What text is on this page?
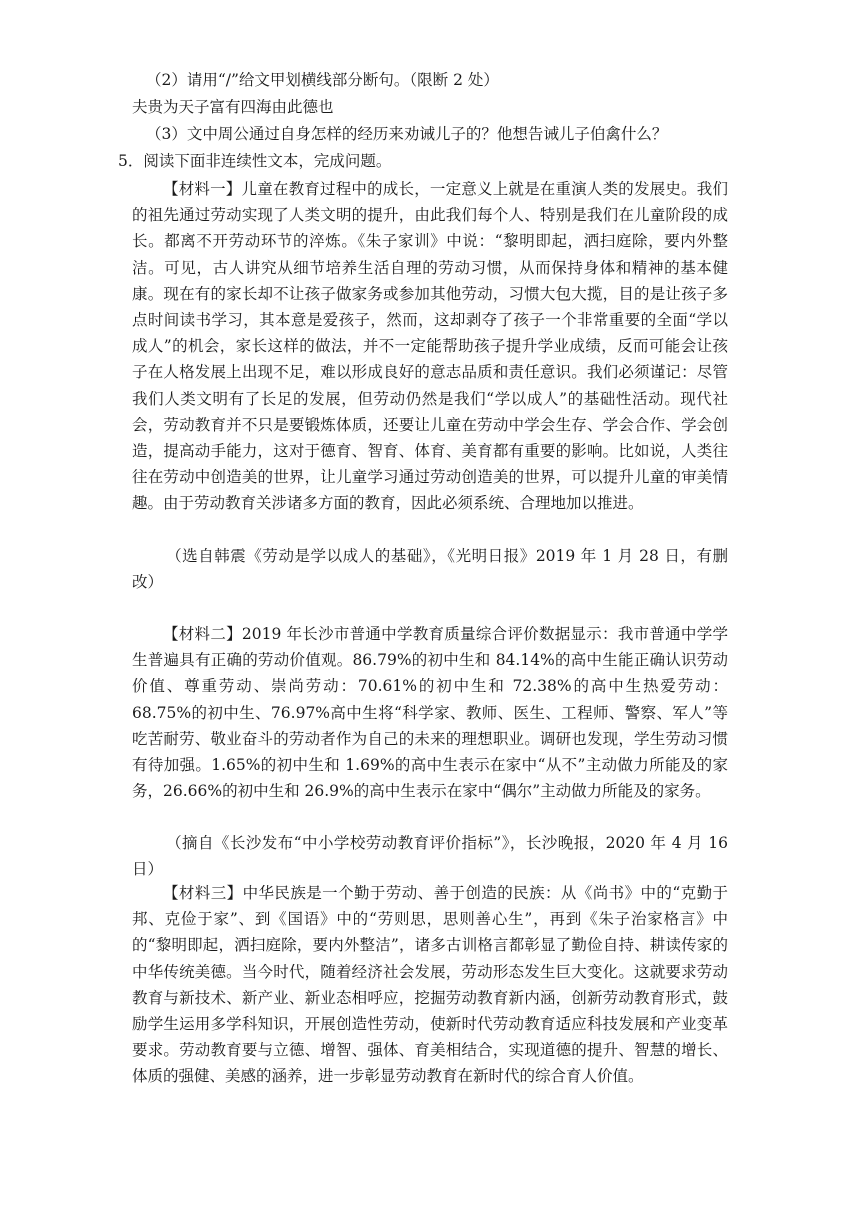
（2）请用“/”给文甲划横线部分断句。（限断 2 处）
夫贵为天子富有四海由此德也
（3）文中周公通过自身怎样的经历来劝诫儿子的？他想告诫儿子伯禽什么？
5．阅读下面非连续性文本，完成问题。

【材料一】儿童在教育过程中的成长，一定意义上就是在重演人类的发展史。我们的祖先通过劳动实现了人类文明的提升，由此我们每个人、特别是我们在儿童阶段的成长。都离不开劳动环节的淬炼。《朱子家训》中说：“黎明即起，洒扫庭除，要内外整洁。可见，古人讲究从细节培养生活自理的劳动习惯，从而保持身体和精神的基本健康。现在有的家长却不让孩子做家务或参加其他劳动，习惯大包大揽，目的是让孩子多点时间读书学习，其本意是爱孩子，然而，这却剥夺了孩子一个非常重要的全面“学以成人”的机会，家长这样的做法，并不一定能帮助孩子提升学业成绩，反而可能会让孩子在人格发展上出现不足，难以形成良好的意志品质和责任意识。我们必须谨记：尽管我们人类文明有了长足的发展，但劳动仍然是我们“学以成人”的基础性活动。现代社会，劳动教育并不只是要锻炼体质，还要让儿童在劳动中学会生存、学会合作、学会创造，提高动手能力，这对于德育、智育、体育、美育都有重要的影响。比如说，人类往往在劳动中创造美的世界，让儿童学习通过劳动创造美的世界，可以提升儿童的审美情趣。由于劳动教育关涉诸多方面的教育，因此必须系统、合理地加以推进。

（选自韩震《劳动是学以成人的基础》，《光明日报》2019 年 1 月 28 日，有删改）

【材料二】2019 年长沙市普通中学教育质量综合评价数据显示：我市普通中学学生普遍具有正确的劳动价值观。86.79%的初中生和 84.14%的高中生能正确认识劳动价值、尊重劳动、崇尚劳动：70.61%的初中生和 72.38%的高中生热爱劳动：68.75%的初中生、76.97%高中生将“科学家、教师、医生、工程师、警察、军人”等吃苦耐劳、敬业奋斗的劳动者作为自己的未来的理想职业。调研也发现，学生劳动习惯有待加强。1.65%的初中生和 1.69%的高中生表示在家中“从不”主动做力所能及的家务，26.66%的初中生和 26.9%的高中生表示在家中“偶尔”主动做力所能及的家务。

（摘自《长沙发布“中小学校劳动教育评价指标”》，长沙晚报，2020 年 4 月 16 日）

【材料三】中华民族是一个勤于劳动、善于创造的民族：从《尚书》中的“克勤于邦、克俭于家”、到《国语》中的“劳则思，思则善心生”，再到《朱子治家格言》中的“黎明即起，洒扫庭除，要内外整洁”，诸多古训格言都彰显了勤俭自持、耕读传家的中华传统美德。当今时代，随着经济社会发展，劳动形态发生巨大变化。这就要求劳动教育与新技术、新产业、新业态相呼应，挖掘劳动教育新内涵，创新劳动教育形式，鼓励学生运用多学科知识，开展创造性劳动，使新时代劳动教育适应科技发展和产业变革要求。劳动教育要与立德、增智、强体、育美相结合，实现道德的提升、智慧的增长、体质的强健、美感的涵养，进一步彰显劳动教育在新时代的综合育人价值。
